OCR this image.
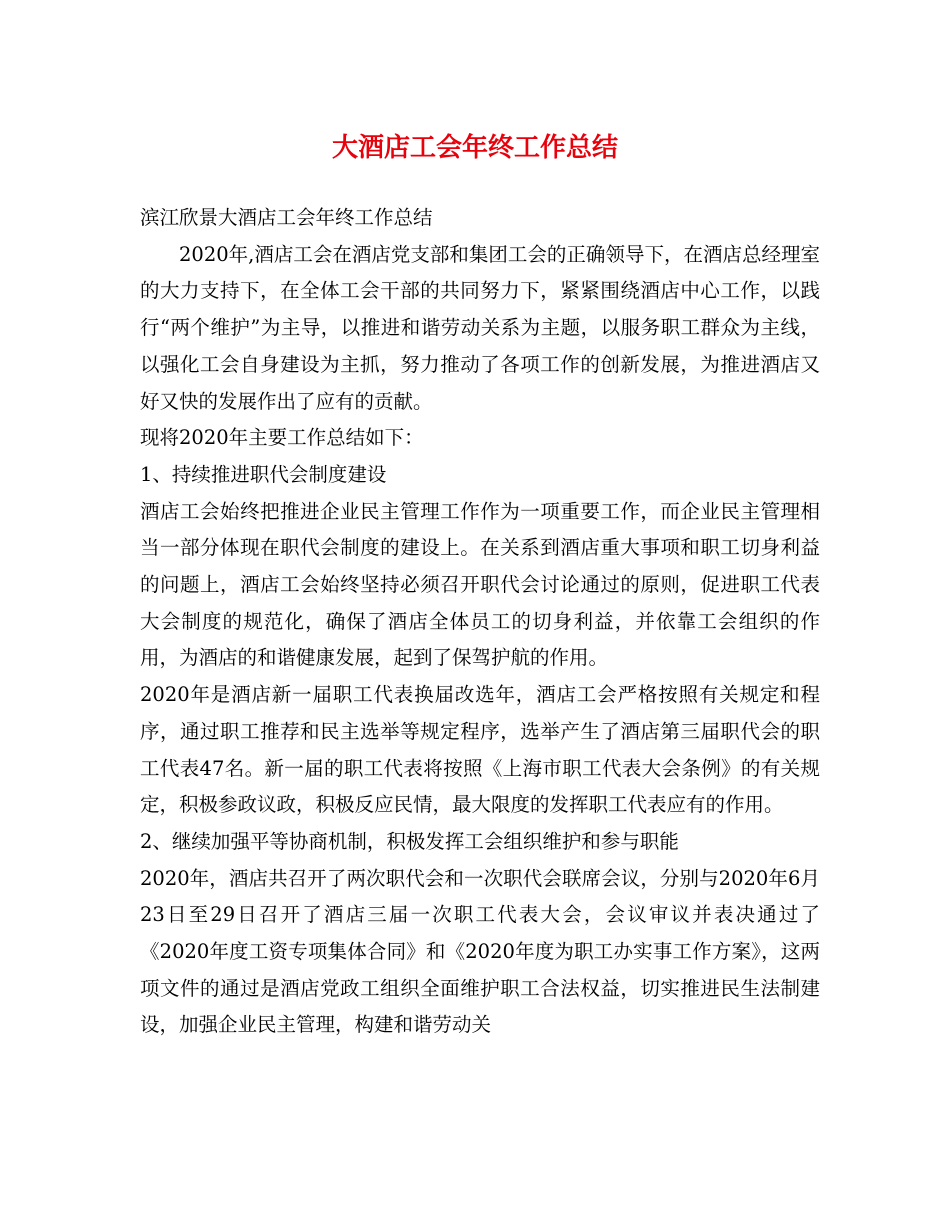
大酒店工会年终工作总结

滨江欣景大酒店工会年终工作总结

2020年,酒店工会在酒店党支部和集团工会的正确领导下，在酒店总经理室的大力支持下，在全体工会干部的共同努力下，紧紧围绕酒店中心工作，以践行“两个维护”为主导，以推进和谐劳动关系为主题，以服务职工群众为主线，以强化工会自身建设为主抓，努力推动了各项工作的创新发展，为推进酒店又好又快的发展作出了应有的贡献。

现将2020年主要工作总结如下：

1、持续推进职代会制度建设

酒店工会始终把推进企业民主管理工作作为一项重要工作，而企业民主管理相当一部分体现在职代会制度的建设上。在关系到酒店重大事项和职工切身利益的问题上，酒店工会始终坚持必须召开职代会讨论通过的原则，促进职工代表大会制度的规范化，确保了酒店全体员工的切身利益，并依靠工会组织的作用，为酒店的和谐健康发展，起到了保驾护航的作用。

2020年是酒店新一届职工代表换届改选年，酒店工会严格按照有关规定和程序，通过职工推荐和民主选举等规定程序，选举产生了酒店第三届职代会的职工代表47名。新一届的职工代表将按照《上海市职工代表大会条例》的有关规定，积极参政议政，积极反应民情，最大限度的发挥职工代表应有的作用。

2、继续加强平等协商机制，积极发挥工会组织维护和参与职能

2020年，酒店共召开了两次职代会和一次职代会联席会议，分别与2020年6月23日至29日召开了酒店三届一次职工代表大会，会议审议并表决通过了《2020年度工资专项集体合同》和《2020年度为职工办实事工作方案》，这两项文件的通过是酒店党政工组织全面维护职工合法权益，切实推进民生法制建设，加强企业民主管理，构建和谐劳动关
